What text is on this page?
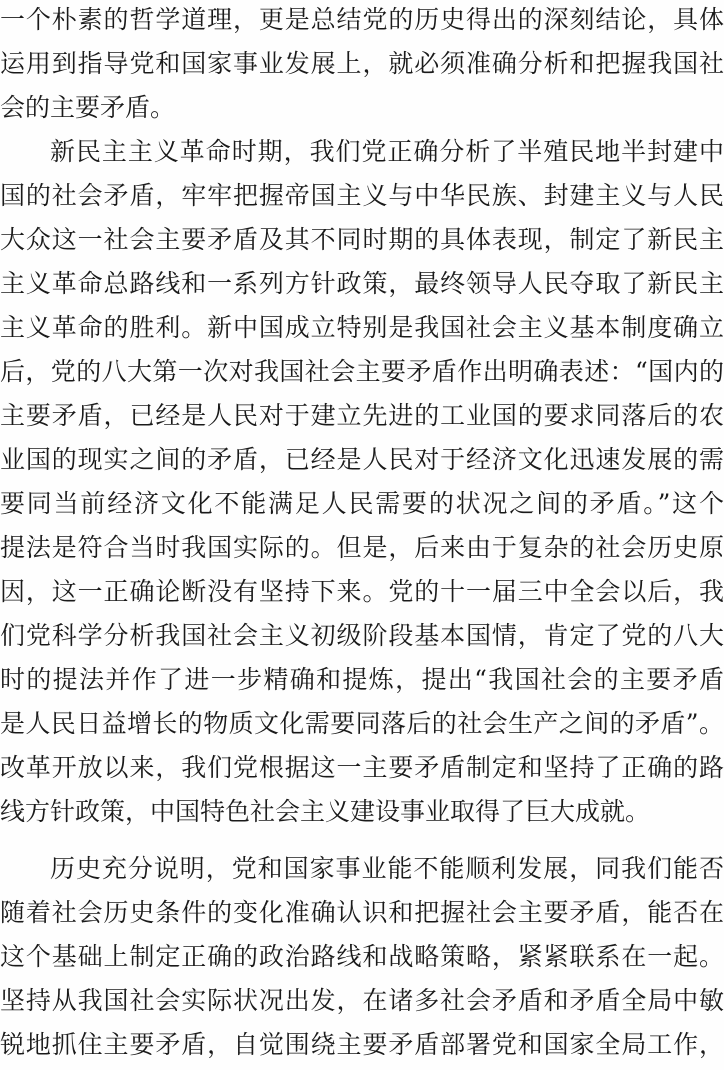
一个朴素的哲学道理，更是总结党的历史得出的深刻结论，具体
运用到指导党和国家事业发展上，就必须准确分析和把握我国社
会的主要矛盾。
新民主主义革命时期，我们党正确分析了半殖民地半封建中
国的社会矛盾，牢牢把握帝国主义与中华民族、封建主义与人民
大众这一社会主要矛盾及其不同时期的具体表现，制定了新民主
主义革命总路线和一系列方针政策，最终领导人民夺取了新民主
主义革命的胜利。新中国成立特别是我国社会主义基本制度确立
后，党的八大第一次对我国社会主要矛盾作出明确表述：“国内的
主要矛盾，已经是人民对于建立先进的工业国的要求同落后的农
业国的现实之间的矛盾，已经是人民对于经济文化迅速发展的需
要同当前经济文化不能满足人民需要的状况之间的矛盾。”这个
提法是符合当时我国实际的。但是，后来由于复杂的社会历史原
因，这一正确论断没有坚持下来。党的十一届三中全会以后，我
们党科学分析我国社会主义初级阶段基本国情，肯定了党的八大
时的提法并作了进一步精确和提炼，提出“我国社会的主要矛盾
是人民日益增长的物质文化需要同落后的社会生产之间的矛盾”。
改革开放以来，我们党根据这一主要矛盾制定和坚持了正确的路
线方针政策，中国特色社会主义建设事业取得了巨大成就。
历史充分说明，党和国家事业能不能顺利发展，同我们能否
随着社会历史条件的变化准确认识和把握社会主要矛盾，能否在
这个基础上制定正确的政治路线和战略策略，紧紧联系在一起。
坚持从我国社会实际状况出发，在诸多社会矛盾和矛盾全局中敏
锐地抓住主要矛盾，自觉围绕主要矛盾部署党和国家全局工作，
